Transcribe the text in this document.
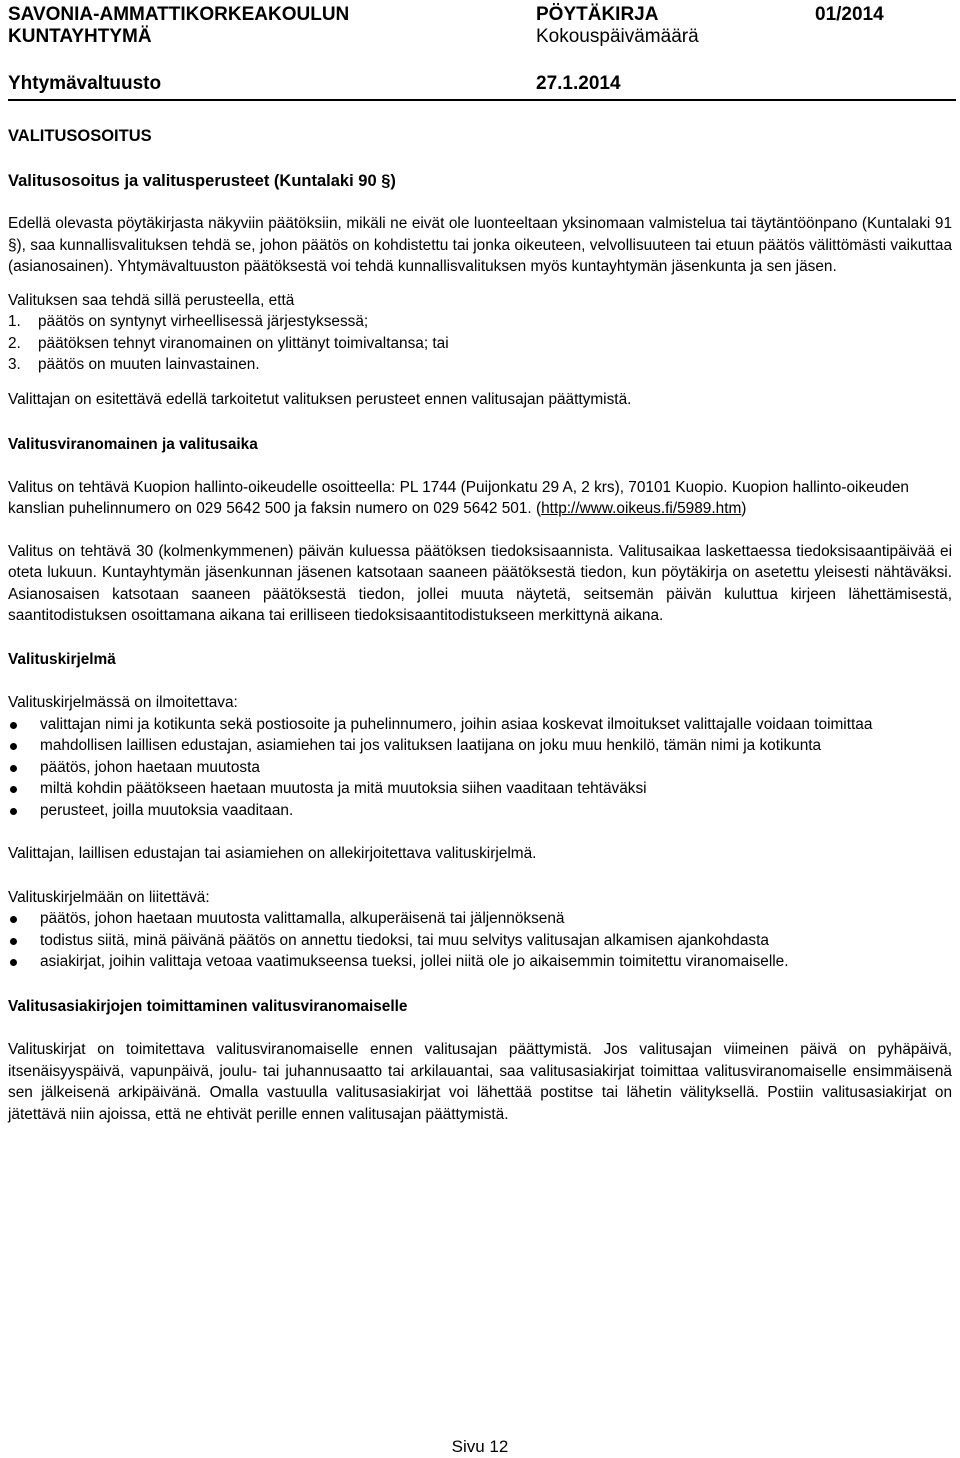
SAVONIA-AMMATTIKORKEAKOULUN
KUNTAYHTYMÄ
PÖYTÄKIRJA	01/2014
Kokouspäivämäärä
Yhtymävaltuusto	27.1.2014

VALITUSOSOITUS

Valitusosoitus ja valitusperusteet (Kuntalaki 90 §)

Edellä olevasta pöytäkirjasta näkyviin päätöksiin, mikäli ne eivät ole luonteeltaan yksinomaan valmistelua tai täytäntöönpano (Kuntalaki 91 §), saa kunnallisvalituksen tehdä se, johon päätös on kohdistettu tai jonka oikeuteen, velvollisuuteen tai etuun päätös välittömästi vaikuttaa (asianosainen). Yhtymävaltuuston päätöksestä voi tehdä kunnallisvalituksen myös kuntayhtymän jäsenkunta ja sen jäsen.

Valituksen saa tehdä sillä perusteella, että

1.	päätös on syntynyt virheellisessä järjestyksessä;
2.	päätöksen tehnyt viranomainen on ylittänyt toimivaltansa; tai
3.	päätös on muuten lainvastainen.

Valittajan on esitettävä edellä tarkoitetut valituksen perusteet ennen valitusajan päättymistä.

Valitusviranomainen ja valitusaika

Valitus on tehtävä Kuopion hallinto-oikeudelle osoitteella: PL 1744 (Puijonkatu 29 A, 2 krs), 70101 Kuopio. Kuopion hallinto-oikeuden kanslian puhelinnumero on 029 5642 500 ja faksin numero on 029 5642 501. (http://www.oikeus.fi/5989.htm)

Valitus on tehtävä 30 (kolmenkymmenen) päivän kuluessa päätöksen tiedoksisaannista. Valitusaikaa laskettaessa tiedoksisaantipäivää ei oteta lukuun. Kuntayhtymän jäsenkunnan jäsenen katsotaan saaneen päätöksestä tiedon, kun pöytäkirja on asetettu yleisesti nähtäväksi. Asianosaisen katsotaan saaneen päätöksestä tiedon, jollei muuta näytetä, seitsemän päivän kuluttua kirjeen lähettämisestä, saantitodistuksen osoittamana aikana tai erilliseen tiedoksisaantitodistukseen merkittynä aikana.

Valituskirjelmä

Valituskirjelmässä on ilmoitettava:

valittajan nimi ja kotikunta sekä postiosoite ja puhelinnumero, joihin asiaa koskevat ilmoitukset valittajalle voidaan toimittaa
mahdollisen laillisen edustajan, asiamiehen tai jos valituksen laatijana on joku muu henkilö, tämän nimi ja kotikunta
päätös, johon haetaan muutosta
miltä kohdin päätökseen haetaan muutosta ja mitä muutoksia siihen vaaditaan tehtäväksi
perusteet, joilla muutoksia vaaditaan.

Valittajan, laillisen edustajan tai asiamiehen on allekirjoitettava valituskirjelmä.

Valituskirjelmään on liitettävä:

päätös, johon haetaan muutosta valittamalla, alkuperäisenä tai jäljennöksenä
todistus siitä, minä päivänä päätös on annettu tiedoksi, tai muu selvitys valitusajan alkamisen ajankohdasta
asiakirjat, joihin valittaja vetoaa vaatimukseensa tueksi, jollei niitä ole jo aikaisemmin toimitettu viranomaiselle.

Valitusasiakirjojen toimittaminen valitusviranomaiselle

Valituskirjat on toimitettava valitusviranomaiselle ennen valitusajan päättymistä. Jos valitusajan viimeinen päivä on pyhäpäivä, itsenäisyyspäivä, vapunpäivä, joulu- tai juhannusaatto tai arkilauantai, saa valitusasiakirjat toimittaa valitusviranomaiselle ensimmäisenä sen jälkeisenä arkipäivänä. Omalla vastuulla valitusasiakirjat voi lähettää postitse tai lähetin välityksellä. Postiin valitusasiakirjat on jätettävä niin ajoissa, että ne ehtivät perille ennen valitusajan päättymistä.

Sivu 12
